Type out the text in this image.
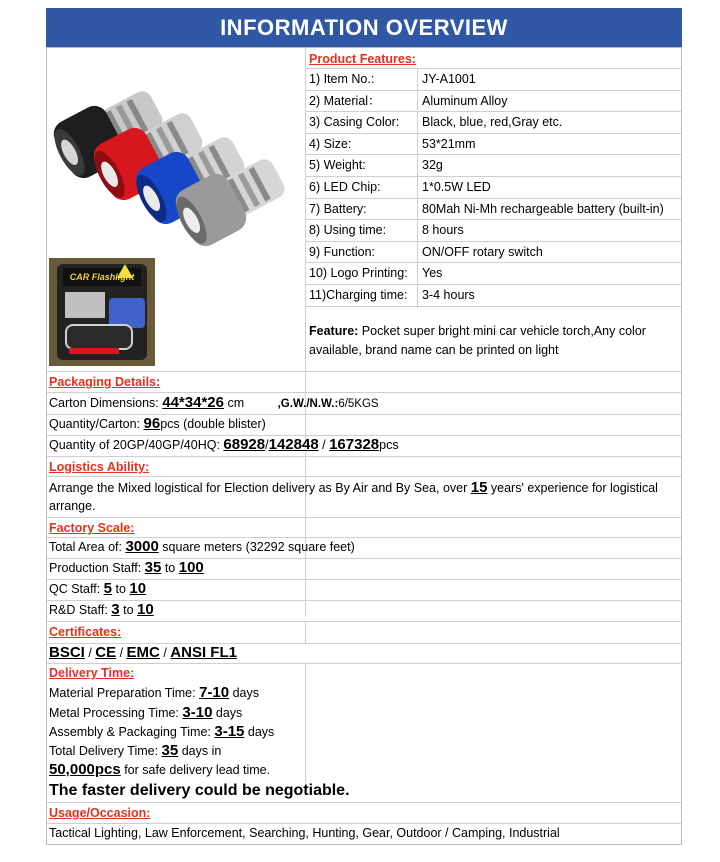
INFORMATION OVERVIEW
CAR Flashlight
Product Features:
1) Item No.:	JY-A1001
2) Material：	Aluminum Alloy
3) Casing Color: Black, blue, red,Gray etc.
4) Size:	53*21mm
5) Weight:	32g
6) LED Chip:	1*0.5W LED
7) Battery:	80Mah Ni-Mh rechargeable battery (built-in)
8) Using time:	8 hours
9) Function:	ON/OFF rotary switch
10) Logo Printing: Yes
11)Charging time: 3-4 hours
Feature: Pocket super bright mini car vehicle torch,Any color available, brand name can be printed on light
Packaging Details:
Carton Dimensions: 44*34*26 cm	,G.W./N.W.:6/5KGS
Quantity/Carton: 96pcs (double blister)
Quantity of 20GP/40GP/40HQ: 68928/142848 / 167328pcs
Logistics Ability:
Arrange the Mixed logistical for Election delivery as By Air and By Sea, over 15 years' experience for logistical arrange.
Factory Scale:
Total Area of: 3000 square meters (32292 square feet)
Production Staff: 35 to 100
QC Staff: 5 to 10
R&D Staff: 3 to 10
Certificates:
BSCI / CE / EMC / ANSI FL1
Delivery Time:
Material Preparation Time: 7-10 days
Metal Processing Time: 3-10 days
Assembly & Packaging Time: 3-15 days
Total Delivery Time: 35 days in
50,000pcs for safe delivery lead time.
The faster delivery could be negotiable.
Usage/Occasion:
Tactical Lighting, Law Enforcement, Searching, Hunting, Gear, Outdoor / Camping, Industrial
